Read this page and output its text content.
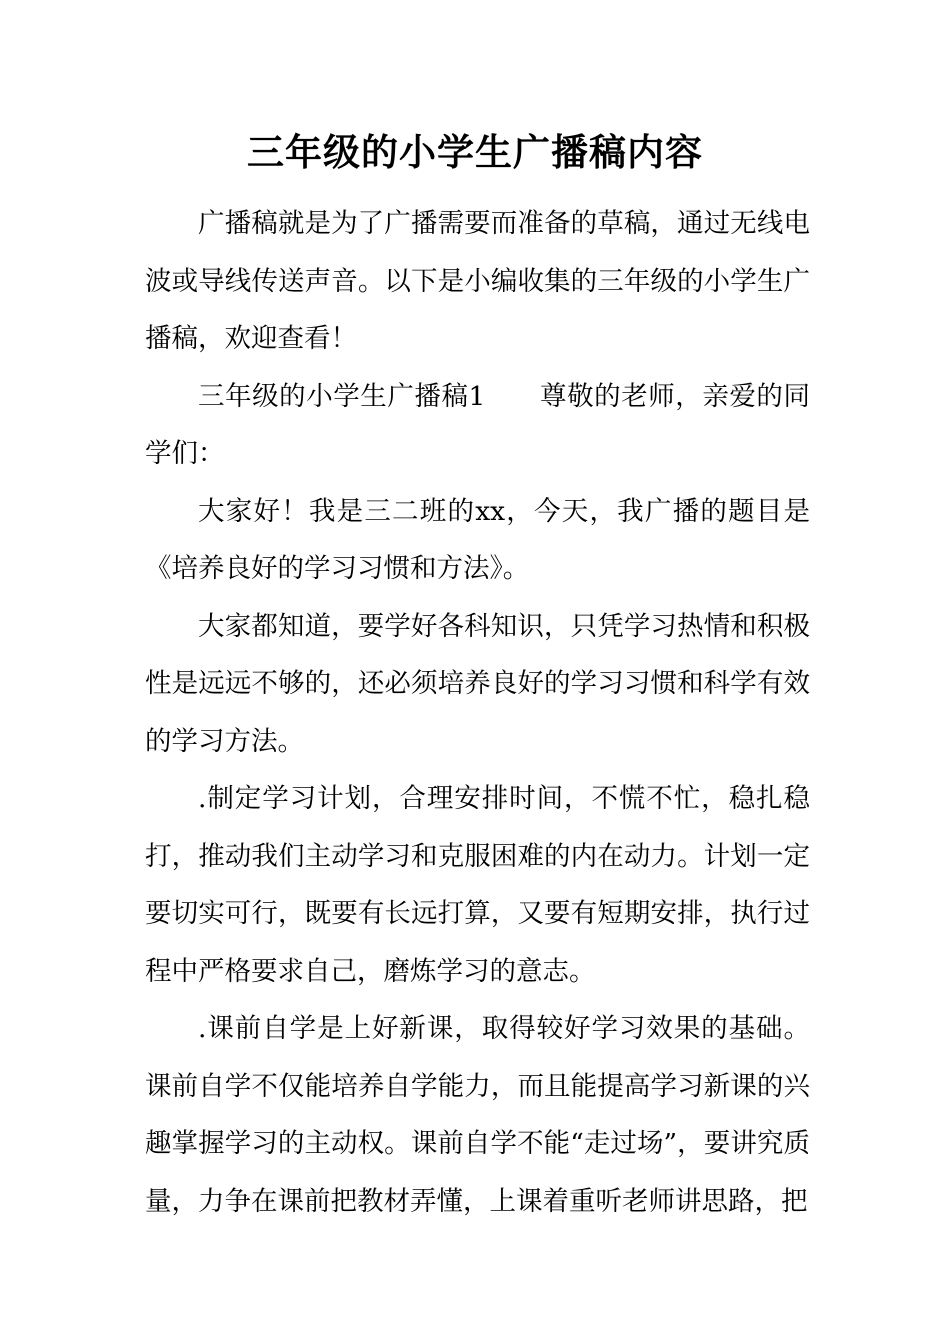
三年级的小学生广播稿内容

广播稿就是为了广播需要而准备的草稿，通过无线电波或导线传送声音。以下是小编收集的三年级的小学生广播稿，欢迎查看！

三年级的小学生广播稿1　　尊敬的老师，亲爱的同学们：

大家好！我是三二班的xx，今天，我广播的题目是《培养良好的学习习惯和方法》。

大家都知道，要学好各科知识，只凭学习热情和积极性是远远不够的，还必须培养良好的学习习惯和科学有效的学习方法。

.制定学习计划，合理安排时间，不慌不忙，稳扎稳打，推动我们主动学习和克服困难的内在动力。计划一定要切实可行，既要有长远打算，又要有短期安排，执行过程中严格要求自己，磨炼学习的意志。

.课前自学是上好新课，取得较好学习效果的基础。课前自学不仅能培养自学能力，而且能提高学习新课的兴趣掌握学习的主动权。课前自学不能“走过场”，要讲究质量，力争在课前把教材弄懂，上课着重听老师讲思路，把
